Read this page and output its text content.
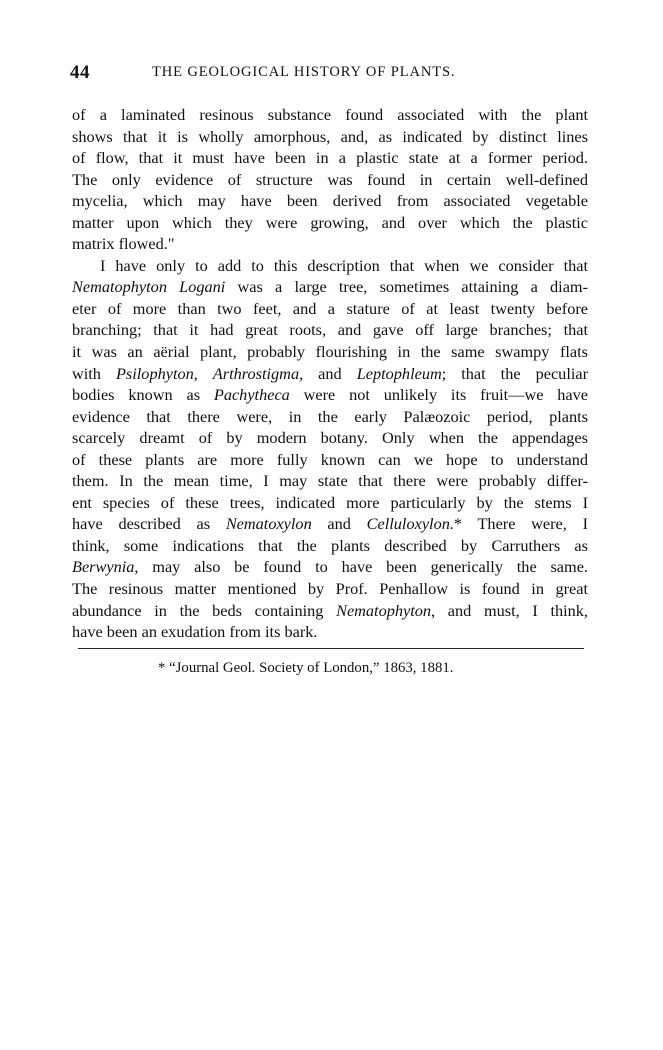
44	THE GEOLOGICAL HISTORY OF PLANTS.
of a laminated resinous substance found associated with the plant
shows that it is wholly amorphous, and, as indicated by distinct lines
of flow, that it must have been in a plastic state at a former period.
The only evidence of structure was found in certain well-defined
mycelia, which may have been derived from associated vegetable
matter upon which they were growing, and over which the plastic
matrix flowed."
I have only to add to this description that when we consider that
Nematophyton Logani was a large tree, sometimes attaining a diam-
eter of more than two feet, and a stature of at least twenty before
branching; that it had great roots, and gave off large branches; that
it was an aërial plant, probably flourishing in the same swampy flats
with Psilophyton, Arthrostigma, and Leptophleum; that the peculiar
bodies known as Pachytheca were not unlikely its fruit—we have
evidence that there were, in the early Palæozoic period, plants
scarcely dreamt of by modern botany. Only when the appendages
of these plants are more fully known can we hope to understand
them. In the mean time, I may state that there were probably differ-
ent species of these trees, indicated more particularly by the stems I
have described as Nematoxylon and Celluloxylon.* There were, I
think, some indications that the plants described by Carruthers as
Berwynia, may also be found to have been generically the same.
The resinous matter mentioned by Prof. Penhallow is found in great
abundance in the beds containing Nematophyton, and must, I think,
have been an exudation from its bark.
* “Journal Geol. Society of London,” 1863, 1881.
